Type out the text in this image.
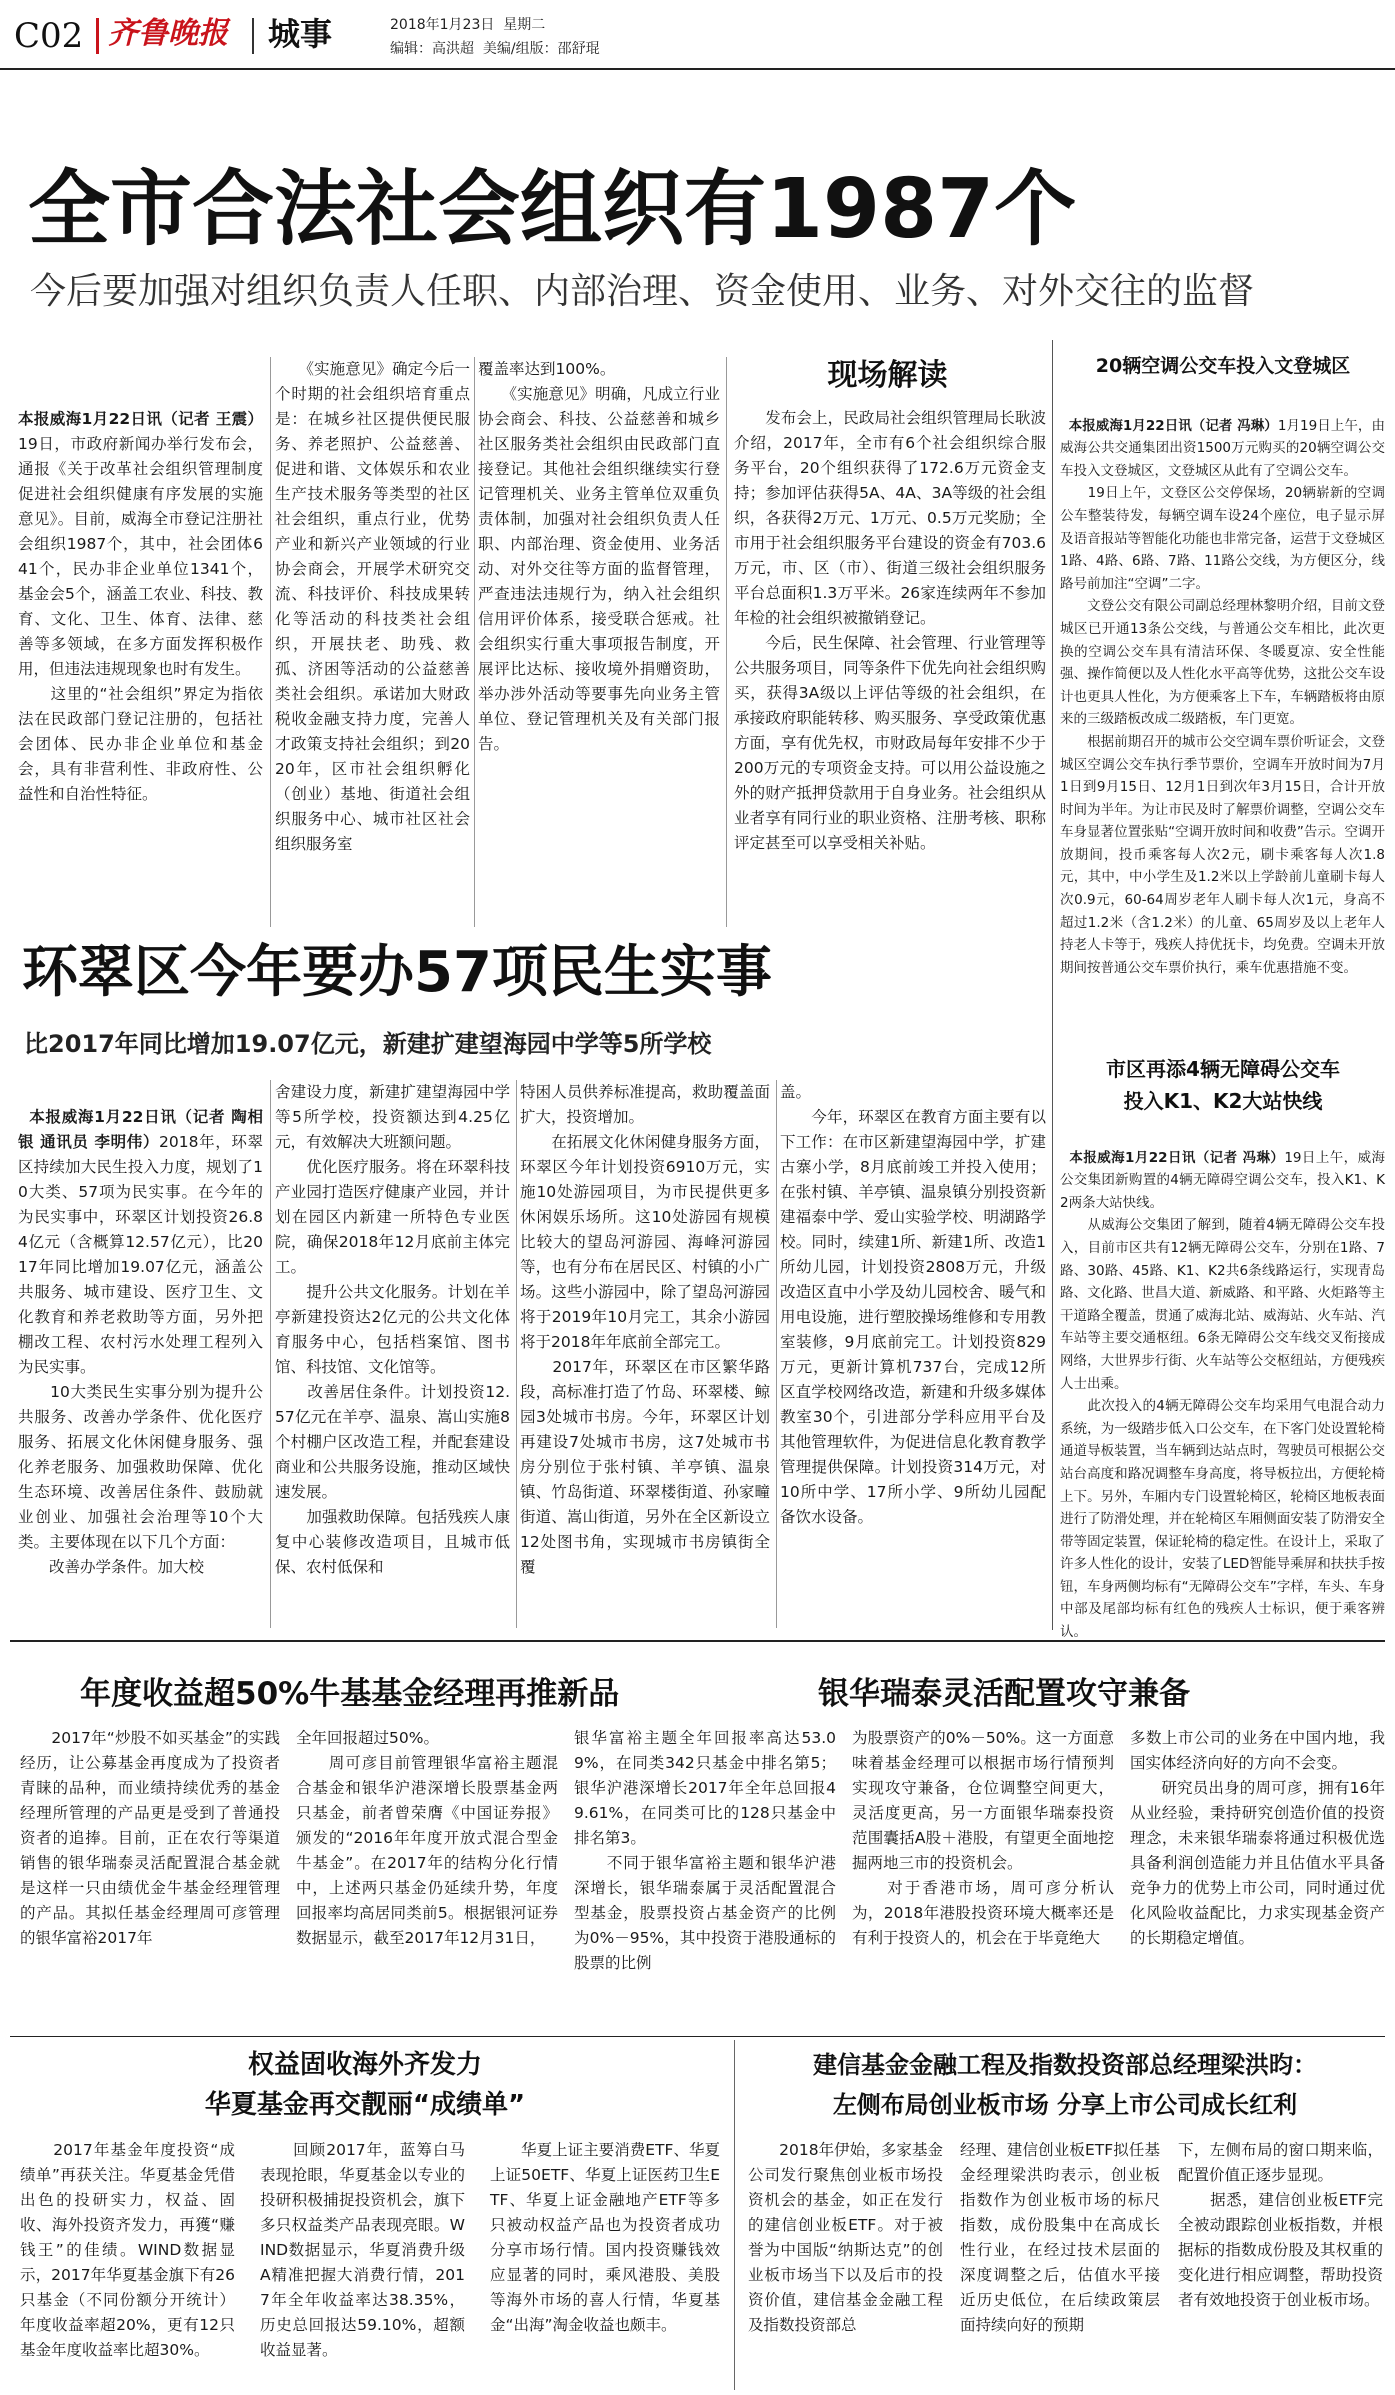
C02 齐鲁晚报 城事	2018年1月23日  星期二
编辑：高洪超  美编/组版：邵舒琨
全市合法社会组织有1987个
今后要加强对组织负责人任职、内部治理、资金使用、业务、对外交往的监督

本报威海1月22日讯（记者 王震）19日，市政府新闻办举行发布会，通报《关于改革社会组织管理制度促进社会组织健康有序发展的实施意见》。目前，威海全市登记注册社会组织1987个，其中，社会团体641个，民办非企业单位1341个，基金会5个，涵盖工农业、科技、教育、文化、卫生、体育、法律、慈善等多领域，在多方面发挥积极作用，但违法违规现象也时有发生。
　　这里的“社会组织”界定为指依法在民政部门登记注册的，包括社会团体、民办非企业单位和基金会，具有非营利性、非政府性、公益性和自治性特征。

　　《实施意见》确定今后一个时期的社会组织培育重点是：在城乡社区提供便民服务、养老照护、公益慈善、促进和谐、文体娱乐和农业生产技术服务等类型的社区社会组织，重点行业，优势产业和新兴产业领域的行业协会商会，开展学术研究交流、科技评价、科技成果转化等活动的科技类社会组织，开展扶老、助残、救孤、济困等活动的公益慈善类社会组织。承诺加大财政税收金融支持力度，完善人才政策支持社会组织；到2020年，区市社会组织孵化（创业）基地、街道社会组织服务中心、城市社区社会组织服务室
覆盖率达到100%。
　　《实施意见》明确，凡成立行业协会商会、科技、公益慈善和城乡社区服务类社会组织由民政部门直接登记。其他社会组织继续实行登记管理机关、业务主管单位双重负责体制，加强对社会组织负责人任职、内部治理、资金使用、业务活动、对外交往等方面的监督管理，严查违法违规行为，纳入社会组织信用评价体系，接受联合惩戒。社会组织实行重大事项报告制度，开展评比达标、接收境外捐赠资助，举办涉外活动等要事先向业务主管单位、登记管理机关及有关部门报告。
现场解读
　　发布会上，民政局社会组织管理局长耿波介绍，2017年，全市有6个社会组织综合服务平台，20个组织获得了172.6万元资金支持；参加评估获得5A、4A、3A等级的社会组织，各获得2万元、1万元、0.5万元奖励；全市用于社会组织服务平台建设的资金有703.6万元，市、区（市）、街道三级社会组织服务平台总面积1.3万平米。26家连续两年不参加年检的社会组织被撤销登记。
　　今后，民生保障、社会管理、行业管理等公共服务项目，同等条件下优先向社会组织购买，获得3A级以上评估等级的社会组织，在承接政府职能转移、购买服务、享受政策优惠方面，享有优先权，市财政局每年安排不少于200万元的专项资金支持。可以用公益设施之外的财产抵押贷款用于自身业务。社会组织从业者享有同行业的职业资格、注册考核、职称评定甚至可以享受相关补贴。
20辆空调公交车投入文登城区

本报威海1月22日讯（记者 冯琳）1月19日上午，由威海公共交通集团出资1500万元购买的20辆空调公交车投入文登城区，文登城区从此有了空调公交车。
　　19日上午，文登区公交停保场，20辆崭新的空调公车整装待发，每辆空调车设24个座位，电子显示屏及语音报站等智能化功能也非常完备，运营于文登城区1路、4路、6路、7路、11路公交线，为方便区分，线路号前加注“空调”二字。
　　文登公交有限公司副总经理林黎明介绍，目前文登城区已开通13条公交线，与普通公交车相比，此次更换的空调公交车具有清洁环保、冬暖夏凉、安全性能强、操作简便以及人性化水平高等优势，这批公交车设计也更具人性化，为方便乘客上下车，车辆踏板将由原来的三级踏板改成二级踏板，车门更宽。
　　根据前期召开的城市公交空调车票价听证会，文登城区空调公交车执行季节票价，空调车开放时间为7月1日到9月15日、12月1日到次年3月15日，合计开放时间为半年。为让市民及时了解票价调整，空调公交车车身显著位置张贴“空调开放时间和收费”告示。空调开放期间，投币乘客每人次2元，刷卡乘客每人次1.8元，其中，中小学生及1.2米以上学龄前儿童刷卡每人次0.9元，60-64周岁老年人刷卡每人次1元，身高不超过1.2米（含1.2米）的儿童、65周岁及以上老年人持老人卡等于，残疾人持优抚卡，均免费。空调未开放期间按普通公交车票价执行，乘车优惠措施不变。

市区再添4辆无障碍公交车
投入K1、K2大站快线

本报威海1月22日讯（记者 冯琳）19日上午，威海公交集团新购置的4辆无障碍空调公交车，投入K1、K2两条大站快线。
　　从威海公交集团了解到，随着4辆无障碍公交车投入，目前市区共有12辆无障碍公交车，分别在1路、7路、30路、45路、K1、K2共6条线路运行，实现青岛路、文化路、世昌大道、新威路、和平路、火炬路等主干道路全覆盖，贯通了威海北站、威海站、火车站、汽车站等主要交通枢纽。6条无障碍公交车线交叉衔接成网络，大世界步行街、火车站等公交枢纽站，方便残疾人士出乘。
　　此次投入的4辆无障碍公交车均采用气电混合动力系统，为一级踏步低入口公交车，在下客门处设置轮椅通道导板装置，当车辆到达站点时，驾驶员可根据公交站台高度和路况调整车身高度，将导板拉出，方便轮椅上下。另外，车厢内专门设置轮椅区，轮椅区地板表面进行了防滑处理，并在轮椅区车厢侧面安装了防滑安全带等固定装置，保证轮椅的稳定性。在设计上，采取了许多人性化的设计，安装了LED智能导乘屏和扶扶手按钮，车身两侧均标有“无障碍公交车”字样，车头、车身中部及尾部均标有红色的残疾人士标识，便于乘客辨认。

环翠区今年要办57项民生实事
比2017年同比增加19.07亿元，新建扩建望海园中学等5所学校

本报威海1月22日讯（记者 陶相银 通讯员 李明伟）2018年，环翠区持续加大民生投入力度，规划了10大类、57项为民实事。在今年的为民实事中，环翠区计划投资26.84亿元（含概算12.57亿元），比2017年同比增加19.07亿元，涵盖公共服务、城市建设、医疗卫生、文化教育和养老救助等方面，另外把棚改工程、农村污水处理工程列入为民实事。
　　10大类民生实事分别为提升公共服务、改善办学条件、优化医疗服务、拓展文化休闲健身服务、强化养老服务、加强救助保障、优化生态环境、改善居住条件、鼓励就业创业、加强社会治理等10个大类。主要体现在以下几个方面：
　　改善办学条件。加大校

舍建设力度，新建扩建望海园中学等5所学校，投资额达到4.25亿元，有效解决大班额问题。
　　优化医疗服务。将在环翠科技产业园打造医疗健康产业园，并计划在园区内新建一所特色专业医院，确保2018年12月底前主体完工。
　　提升公共文化服务。计划在羊亭新建投资达2亿元的公共文化体育服务中心，包括档案馆、图书馆、科技馆、文化馆等。
　　改善居住条件。计划投资12.57亿元在羊亭、温泉、嵩山实施8个村棚户区改造工程，并配套建设商业和公共服务设施，推动区域快速发展。
　　加强救助保障。包括残疾人康复中心装修改造项目，且城市低保、农村低保和
特困人员供养标准提高，救助覆盖面扩大，投资增加。
　　在拓展文化休闲健身服务方面，环翠区今年计划投资6910万元，实施10处游园项目，为市民提供更多休闲娱乐场所。这10处游园有规模比较大的望岛河游园、海峰河游园等，也有分布在居民区、村镇的小广场。这些小游园中，除了望岛河游园将于2019年10月完工，其余小游园将于2018年年底前全部完工。
　　2017年，环翠区在市区繁华路段，高标准打造了竹岛、环翠楼、鲸园3处城市书房。今年，环翠区计划再建设7处城市书房，这7处城市书房分别位于张村镇、羊亭镇、温泉镇、竹岛街道、环翠楼街道、孙家疃街道、嵩山街道，另外在全区新设立12处图书角，实现城市书房镇街全覆
盖。
　　今年，环翠区在教育方面主要有以下工作：在市区新建望海园中学，扩建古寨小学，8月底前竣工并投入使用；在张村镇、羊亭镇、温泉镇分别投资新建福泰中学、爱山实验学校、明湖路学校。同时，续建1所、新建1所、改造1所幼儿园，计划投资2808万元，升级改造区直中小学及幼儿园校舍、暖气和用电设施，进行塑胶操场维修和专用教室装修，9月底前完工。计划投资829万元，更新计算机737台，完成12所区直学校网络改造，新建和升级多媒体教室30个，引进部分学科应用平台及其他管理软件，为促进信息化教育教学管理提供保障。计划投资314万元，对10所中学、17所小学、9所幼儿园配备饮水设备。
年度收益超50%牛基基金经理再推新品	银华瑞泰灵活配置攻守兼备
　　2017年“炒股不如买基金”的实践经历，让公募基金再度成为了投资者青睐的品种，而业绩持续优秀的基金经理所管理的产品更是受到了普通投资者的追捧。目前，正在农行等渠道销售的银华瑞泰灵活配置混合基金就是这样一只由绩优金牛基金经理管理的产品。其拟任基金经理周可彦管理的银华富裕2017年
全年回报超过50%。
　　周可彦目前管理银华富裕主题混合基金和银华沪港深增长股票基金两只基金，前者曾荣膺《中国证券报》颁发的“2016年年度开放式混合型金牛基金”。在2017年的结构分化行情中，上述两只基金仍延续升势，年度回报率均高居同类前5。根据银河证券数据显示，截至2017年12月31日，
银华富裕主题全年回报率高达53.09%，在同类342只基金中排名第5；银华沪港深增长2017年全年总回报49.61%，在同类可比的128只基金中排名第3。
　　不同于银华富裕主题和银华沪港深增长，银华瑞泰属于灵活配置混合型基金，股票投资占基金资产的比例为0%－95%，其中投资于港股通标的股票的比例
为股票资产的0%－50%。这一方面意味着基金经理可以根据市场行情预判实现攻守兼备，仓位调整空间更大，灵活度更高，另一方面银华瑞泰投资范围囊括A股＋港股，有望更全面地挖掘两地三市的投资机会。
　　对于香港市场，周可彦分析认为，2018年港股投资环境大概率还是有利于投资人的，机会在于毕竟绝大
多数上市公司的业务在中国内地，我国实体经济向好的方向不会变。
　　研究员出身的周可彦，拥有16年从业经验，秉持研究创造价值的投资理念，未来银华瑞泰将通过积极优选具备利润创造能力并且估值水平具备竞争力的优势上市公司，同时通过优化风险收益配比，力求实现基金资产的长期稳定增值。
权益固收海外齐发力
华夏基金再交靓丽“成绩单”
　　2017年基金年度投资“成绩单”再获关注。华夏基金凭借出色的投研实力，权益、固收、海外投资齐发力，再獲“赚钱王”的佳绩。WIND数据显示，2017年华夏基金旗下有26只基金（不同份额分开统计）年度收益率超20%，更有12只基金年度收益率比超30%。
　　回顾2017年，蓝筹白马表现抢眼，华夏基金以专业的投研积极捕捉投资机会，旗下多只权益类产品表现亮眼。WIND数据显示，华夏消费升级A精准把握大消费行情，2017年全年收益率达38.35%，历史总回报达59.10%，超额收益显著。
　　华夏上证主要消费ETF、华夏上证50ETF、华夏上证医药卫生ETF、华夏上证金融地产ETF等多只被动权益产品也为投资者成功分享市场行情。国内投资赚钱效应显著的同时，乘风港股、美股等海外市场的喜人行情，华夏基金“出海”淘金收益也颇丰。
建信基金金融工程及指数投资部总经理梁洪昀：
左侧布局创业板市场 分享上市公司成长红利
　　2018年伊始，多家基金公司发行聚焦创业板市场投资机会的基金，如正在发行的建信创业板ETF。对于被誉为中国版“纳斯达克”的创业板市场当下以及后市的投资价值，建信基金金融工程及指数投资部总
经理、建信创业板ETF拟任基金经理梁洪昀表示，创业板指数作为创业板市场的标尺指数，成份股集中在高成长性行业，在经过技术层面的深度调整之后，估值水平接近历史低位，在后续政策层面持续向好的预期
下，左侧布局的窗口期来临，配置价值正逐步显现。
　　据悉，建信创业板ETF完全被动跟踪创业板指数，并根据标的指数成份股及其权重的变化进行相应调整，帮助投资者有效地投资于创业板市场。
